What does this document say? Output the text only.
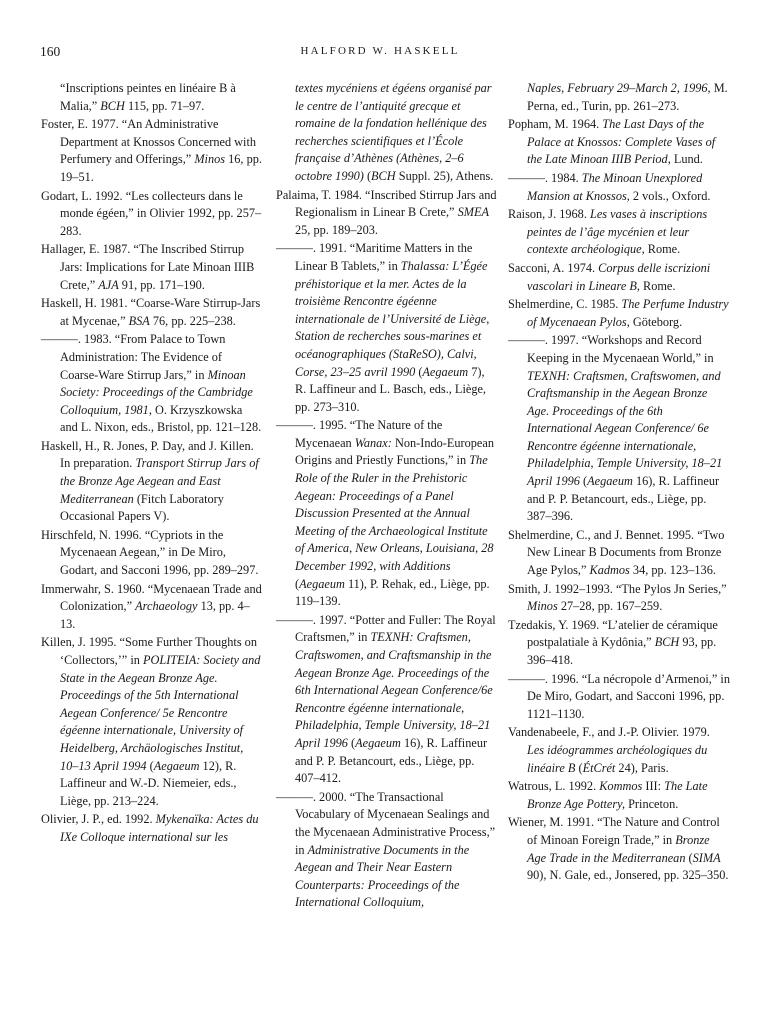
160	HALFORD W. HASKELL

“Inscriptions peintes en linéaire B à Malia,” BCH 115, pp. 71–97.

Foster, E. 1977. “An Administrative Department at Knossos Concerned with Perfumery and Offerings,” Minos 16, pp. 19–51.

Godart, L. 1992. “Les collecteurs dans le monde égéen,” in Olivier 1992, pp. 257–283.

Hallager, E. 1987. “The Inscribed Stirrup Jars: Implications for Late Minoan IIIB Crete,” AJA 91, pp. 171–190.

Haskell, H. 1981. “Coarse-Ware Stirrup-Jars at Mycenae,” BSA 76, pp. 225–238.

———. 1983. “From Palace to Town Administration: The Evidence of Coarse-Ware Stirrup Jars,” in Minoan Society: Proceedings of the Cambridge Colloquium, 1981, O. Krzyszkowska and L. Nixon, eds., Bristol, pp. 121–128.

Haskell, H., R. Jones, P. Day, and J. Killen. In preparation. Transport Stirrup Jars of the Bronze Age Aegean and East Mediterranean (Fitch Laboratory Occasional Papers V).

Hirschfeld, N. 1996. “Cypriots in the Mycenaean Aegean,” in De Miro, Godart, and Sacconi 1996, pp. 289–297.

Immerwahr, S. 1960. “Mycenaean Trade and Colonization,” Archaeology 13, pp. 4–13.

Killen, J. 1995. “Some Further Thoughts on ‘Collectors,’” in POLITEIA: Society and State in the Aegean Bronze Age. Proceedings of the 5th International Aegean Conference/ 5e Rencontre égéenne internationale, University of Heidelberg, Archäologisches Institut, 10–13 April 1994 (Aegaeum 12), R. Laffineur and W.-D. Niemeier, eds., Liège, pp. 213–224.

Olivier, J. P., ed. 1992. Mykenaïka: Actes du IXe Colloque international sur les

textes mycéniens et égéens organisé par le centre de l’antiquité grecque et romaine de la fondation hellénique des recherches scientifiques et l’École française d’Athènes (Athènes, 2–6 octobre 1990) (BCH Suppl. 25), Athens.

Palaima, T. 1984. “Inscribed Stirrup Jars and Regionalism in Linear B Crete,” SMEA 25, pp. 189–203.

———. 1991. “Maritime Matters in the Linear B Tablets,” in Thalassa: L’Égée préhistorique et la mer. Actes de la troisième Rencontre égéenne internationale de l’Université de Liège, Station de recherches sous-marines et océanographiques (StaReSO), Calvi, Corse, 23–25 avril 1990 (Aegaeum 7), R. Laffineur and L. Basch, eds., Liège, pp. 273–310.

———. 1995. “The Nature of the Mycenaean Wanax: Non-Indo-European Origins and Priestly Functions,” in The Role of the Ruler in the Prehistoric Aegean: Proceedings of a Panel Discussion Presented at the Annual Meeting of the Archaeological Institute of America, New Orleans, Louisiana, 28 December 1992, with Additions (Aegaeum 11), P. Rehak, ed., Liège, pp. 119–139.

———. 1997. “Potter and Fuller: The Royal Craftsmen,” in TEXNH: Craftsmen, Craftswomen, and Craftsmanship in the Aegean Bronze Age. Proceedings of the 6th International Aegean Conference/6e Rencontre égéenne internationale, Philadelphia, Temple University, 18–21 April 1996 (Aegaeum 16), R. Laffineur and P. P. Betancourt, eds., Liège, pp. 407–412.

———. 2000. “The Transactional Vocabulary of Mycenaean Sealings and the Mycenaean Administrative Process,” in Administrative Documents in the Aegean and Their Near Eastern Counterparts: Proceedings of the International Colloquium,

Naples, February 29–March 2, 1996, M. Perna, ed., Turin, pp. 261–273.

Popham, M. 1964. The Last Days of the Palace at Knossos: Complete Vases of the Late Minoan IIIB Period, Lund.

———. 1984. The Minoan Unexplored Mansion at Knossos, 2 vols., Oxford.

Raison, J. 1968. Les vases à inscriptions peintes de l’âge mycénien et leur contexte archéologique, Rome.

Sacconi, A. 1974. Corpus delle iscrizioni vascolari in Lineare B, Rome.

Shelmerdine, C. 1985. The Perfume Industry of Mycenaean Pylos, Göteborg.

———. 1997. “Workshops and Record Keeping in the Mycenaean World,” in TEXNH: Craftsmen, Craftswomen, and Craftsmanship in the Aegean Bronze Age. Proceedings of the 6th International Aegean Conference/ 6e Rencontre égéenne internationale, Philadelphia, Temple University, 18–21 April 1996 (Aegaeum 16), R. Laffineur and P. P. Betancourt, eds., Liège, pp. 387–396.

Shelmerdine, C., and J. Bennet. 1995. “Two New Linear B Documents from Bronze Age Pylos,” Kadmos 34, pp. 123–136.

Smith, J. 1992–1993. “The Pylos Jn Series,” Minos 27–28, pp. 167–259.

Tzedakis, Y. 1969. “L’atelier de céramique postpalatiale à Kydônia,” BCH 93, pp. 396–418.

———. 1996. “La nécropole d’Armenoi,” in De Miro, Godart, and Sacconi 1996, pp. 1121–1130.

Vandenabeele, F., and J.-P. Olivier. 1979. Les idéogrammes archéologiques du linéaire B (ÉtCrét 24), Paris.

Watrous, L. 1992. Kommos III: The Late Bronze Age Pottery, Princeton.

Wiener, M. 1991. “The Nature and Control of Minoan Foreign Trade,” in Bronze Age Trade in the Mediterranean (SIMA 90), N. Gale, ed., Jonsered, pp. 325–350.
